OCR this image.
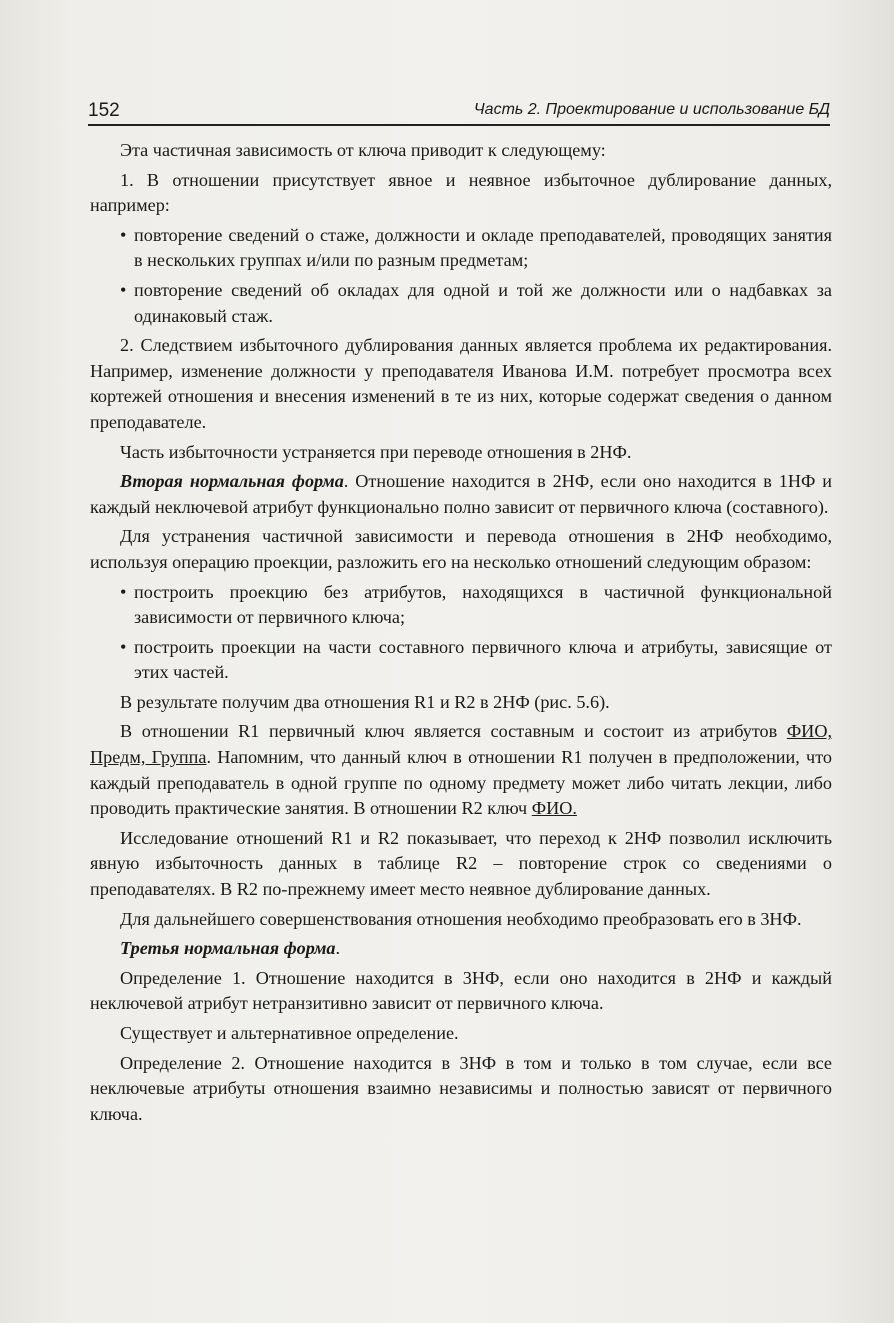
152	Часть 2. Проектирование и использование БД

Эта частичная зависимость от ключа приводит к следующему:

1. В отношении присутствует явное и неявное избыточное дублирование данных, например:

• повторение сведений о стаже, должности и окладе преподавателей, проводящих занятия в нескольких группах и/или по разным предметам;

• повторение сведений об окладах для одной и той же должности или о надбавках за одинаковый стаж.

2. Следствием избыточного дублирования данных является проблема их редактирования. Например, изменение должности у преподавателя Иванова И.М. потребует просмотра всех кортежей отношения и внесения изменений в те из них, которые содержат сведения о данном преподавателе.

Часть избыточности устраняется при переводе отношения в 2НФ.

Вторая нормальная форма. Отношение находится в 2НФ, если оно находится в 1НФ и каждый неключевой атрибут функционально полно зависит от первичного ключа (составного).

Для устранения частичной зависимости и перевода отношения в 2НФ необходимо, используя операцию проекции, разложить его на несколько отношений следующим образом:

• построить проекцию без атрибутов, находящихся в частичной функциональной зависимости от первичного ключа;

• построить проекции на части составного первичного ключа и атрибуты, зависящие от этих частей.

В результате получим два отношения R1 и R2 в 2НФ (рис. 5.6).

В отношении R1 первичный ключ является составным и состоит из атрибутов ФИО, Предм, Группа. Напомним, что данный ключ в отношении R1 получен в предположении, что каждый преподаватель в одной группе по одному предмету может либо читать лекции, либо проводить практические занятия. В отношении R2 ключ ФИО.

Исследование отношений R1 и R2 показывает, что переход к 2НФ позволил исключить явную избыточность данных в таблице R2 – повторение строк со сведениями о преподавателях. В R2 по-прежнему имеет место неявное дублирование данных.

Для дальнейшего совершенствования отношения необходимо преобразовать его в 3НФ.

Третья нормальная форма.

Определение 1. Отношение находится в 3НФ, если оно находится в 2НФ и каждый неключевой атрибут нетранзитивно зависит от первичного ключа.

Существует и альтернативное определение.

Определение 2. Отношение находится в 3НФ в том и только в том случае, если все неключевые атрибуты отношения взаимно независимы и полностью зависят от первичного ключа.
